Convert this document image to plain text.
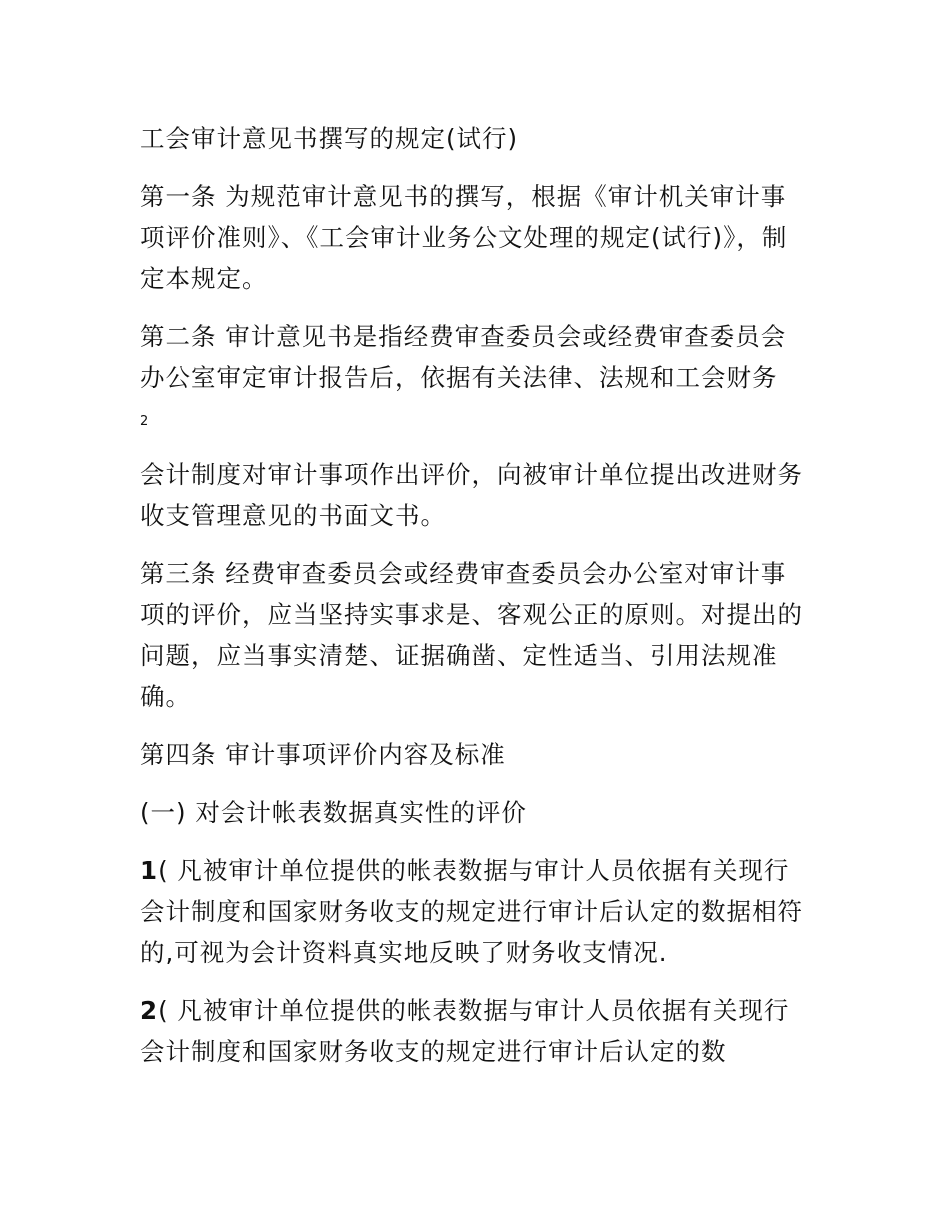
工会审计意见书撰写的规定(试行)

第一条 为规范审计意见书的撰写，根据《审计机关审计事项评价准则》、《工会审计业务公文处理的规定(试行)》，制定本规定。

第二条 审计意见书是指经费审查委员会或经费审查委员会办公室审定审计报告后，依据有关法律、法规和工会财务

2

会计制度对审计事项作出评价，向被审计单位提出改进财务收支管理意见的书面文书。

第三条 经费审查委员会或经费审查委员会办公室对审计事项的评价，应当坚持实事求是、客观公正的原则。对提出的问题，应当事实清楚、证据确凿、定性适当、引用法规准确。

第四条 审计事项评价内容及标准

(一) 对会计帐表数据真实性的评价

1( 凡被审计单位提供的帐表数据与审计人员依据有关现行会计制度和国家财务收支的规定进行审计后认定的数据相符的,可视为会计资料真实地反映了财务收支情况.

2( 凡被审计单位提供的帐表数据与审计人员依据有关现行会计制度和国家财务收支的规定进行审计后认定的数
